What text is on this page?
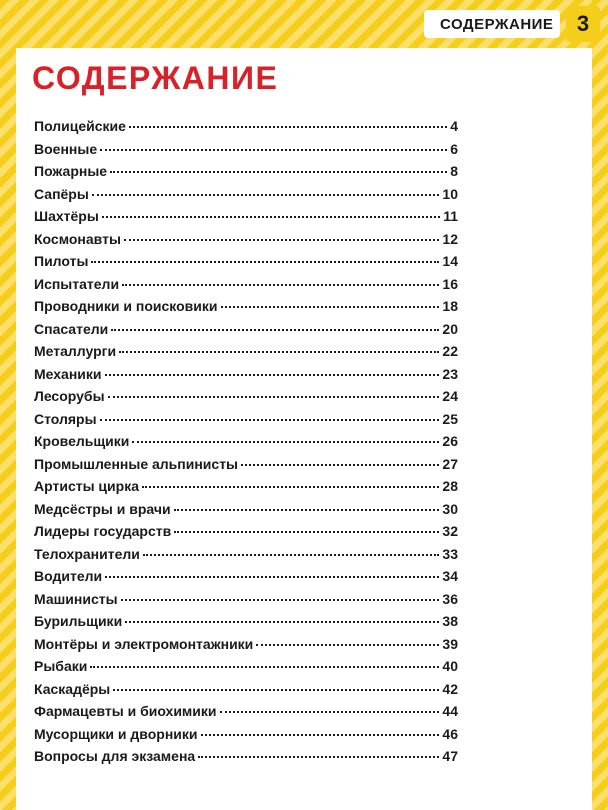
СОДЕРЖАНИЕ	3
СОДЕРЖАНИЕ
Полицейские	4
Военные	6
Пожарные	8
Сапёры	10
Шахтёры	11
Космонавты	12
Пилоты	14
Испытатели	16
Проводники и поисковики	18
Спасатели	20
Металлурги	22
Механики	23
Лесорубы	24
Столяры	25
Кровельщики	26
Промышленные альпинисты	27
Артисты цирка	28
Медсёстры и врачи	30
Лидеры государств	32
Телохранители	33
Водители	34
Машинисты	36
Бурильщики	38
Монтёры и электромонтажники	39
Рыбаки	40
Каскадёры	42
Фармацевты и биохимики	44
Мусорщики и дворники	46
Вопросы для экзамена	47
